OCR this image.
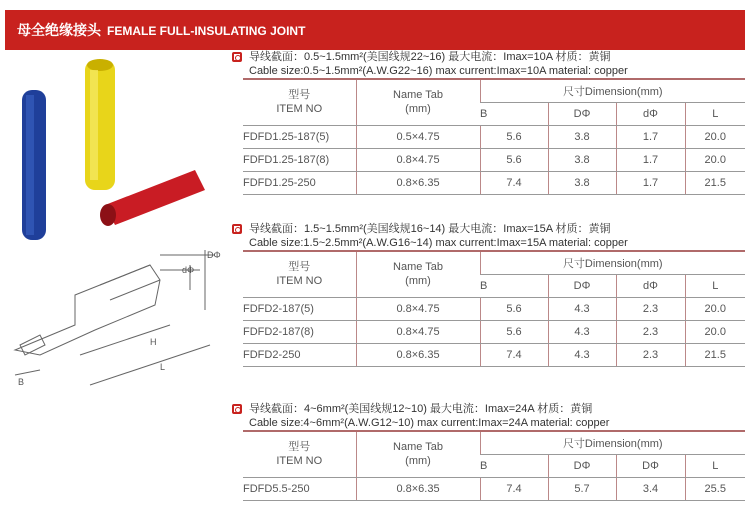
母全绝缘接头 FEMALE FULL-INSULATING JOINT
DΦ
dΦ
H
L
B
导线截面：0.5~1.5mm²(美国线规22~16) 最大电流：Imax=10A 材质：黄铜
Cable size:0.5~1.5mm²(A.W.G22~16) max current:Imax=10A material: copper
型号
ITEM NO	Name Tab
(mm)	尺寸Dimension(mm)			
		B	DΦ	dΦ	L
FDFD1.25-187(5)	0.5×4.75	5.6	3.8	1.7	20.0
FDFD1.25-187(8)	0.8×4.75	5.6	3.8	1.7	20.0
FDFD1.25-250	0.8×6.35	7.4	3.8	1.7	21.5
导线截面：1.5~1.5mm²(美国线规16~14) 最大电流：Imax=15A 材质：黄铜
Cable size:1.5~2.5mm²(A.W.G16~14) max current:Imax=15A material: copper
型号
ITEM NO	Name Tab
(mm)	尺寸Dimension(mm)			
		B	DΦ	dΦ	L
FDFD2-187(5)	0.8×4.75	5.6	4.3	2.3	20.0
FDFD2-187(8)	0.8×4.75	5.6	4.3	2.3	20.0
FDFD2-250	0.8×6.35	7.4	4.3	2.3	21.5
导线截面：4~6mm²(美国线规12~10) 最大电流：Imax=24A 材质：黄铜
Cable size:4~6mm²(A.W.G12~10) max current:Imax=24A material: copper
型号
ITEM NO	Name Tab
(mm)	尺寸Dimension(mm)			
		B	DΦ	DΦ	L
FDFD5.5-250	0.8×6.35	7.4	5.7	3.4	25.5
